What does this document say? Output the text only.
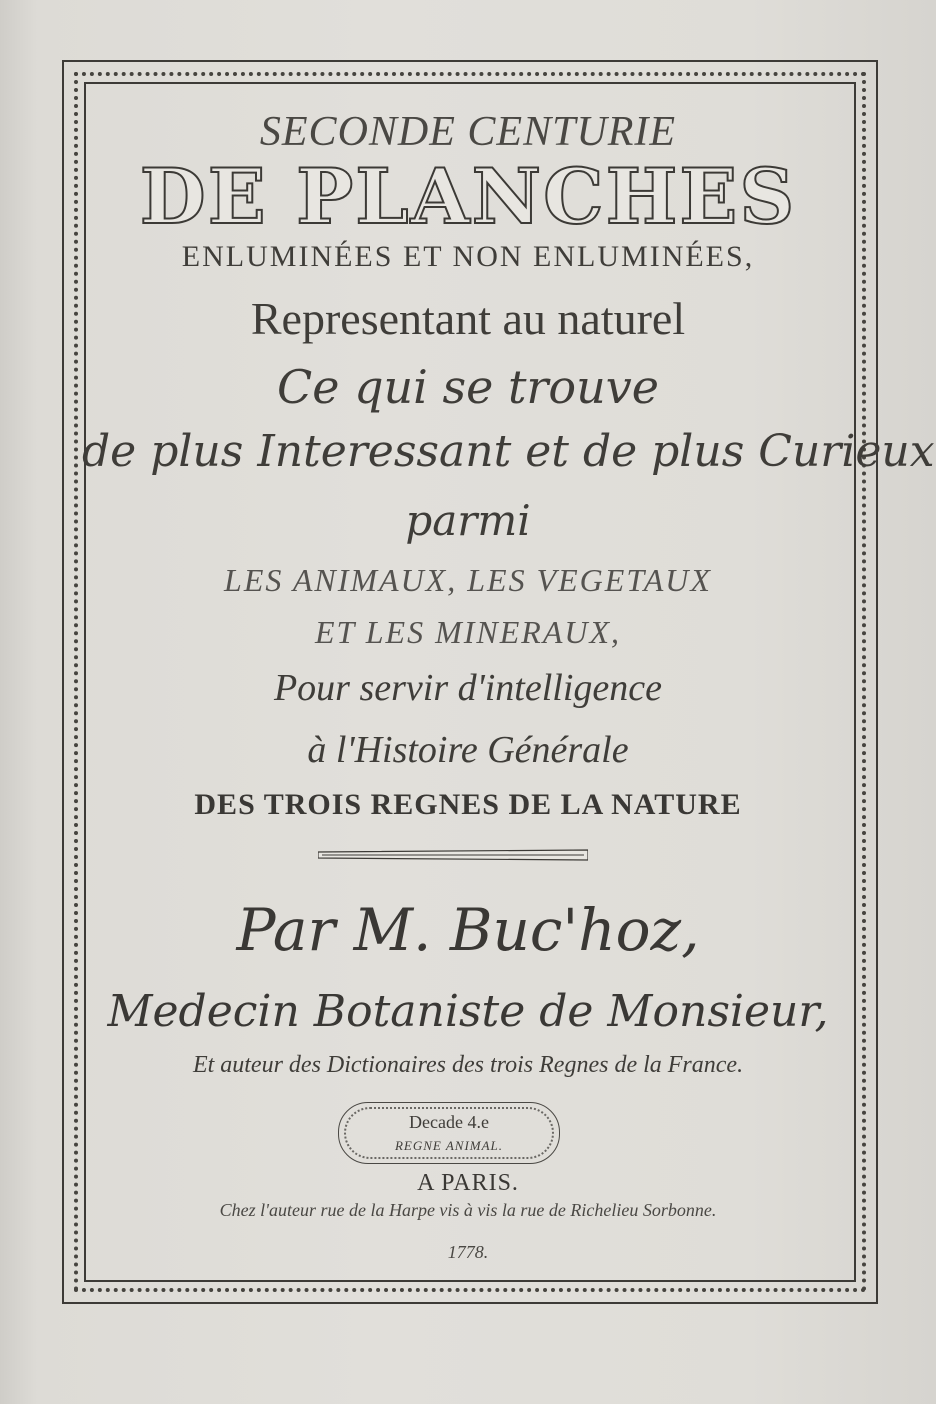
SECONDE CENTURIE
DE PLANCHES
ENLUMINÉES ET NON ENLUMINÉES,
Representant au naturel
Ce qui se trouve
de plus Interessant et de plus Curieux
parmi
LES ANIMAUX, LES VEGETAUX
ET LES MINERAUX,
Pour servir d'intelligence
à l'Histoire Générale
DES TROIS REGNES DE LA NATURE
Par M. Buc'hoz,
Medecin Botaniste de Monsieur,
Et auteur des Dictionaires des trois Regnes de la France.
Decade 4.e
REGNE ANIMAL.
A PARIS.
Chez l'auteur rue de la Harpe vis à vis la rue de Richelieu Sorbonne.
1778.
